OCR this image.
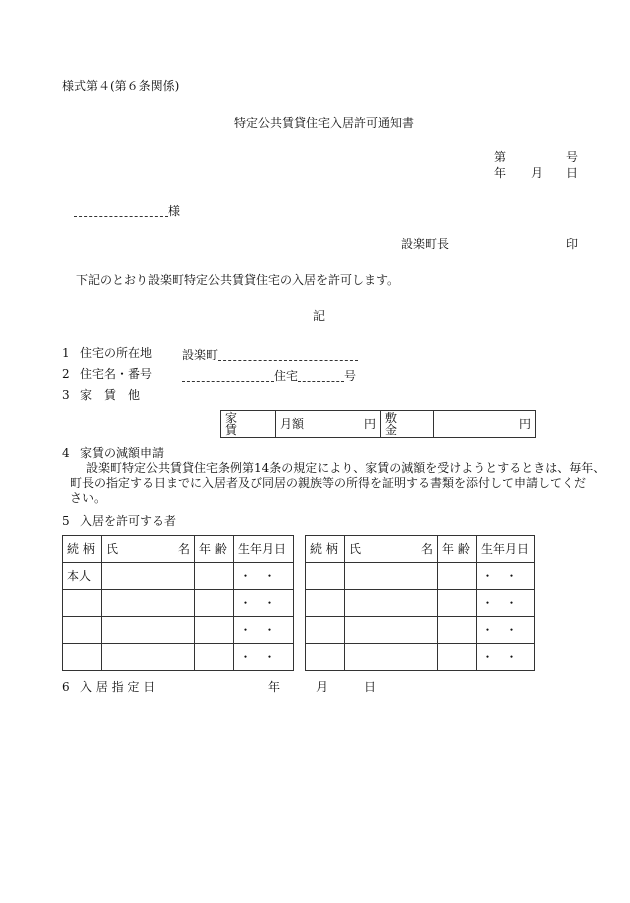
様式第４(第６条関係)
特定公共賃貸住宅入居許可通知書
第	号
年 月 日
様
設楽町長	印
下記のとおり設楽町特定公共賃貸住宅の入居を許可します。
記
1 住宅の所在地 設楽町
2 住宅名・番号	住宅	号
3 家　賃　他
家　　賃	月額	円	敷　　金	円
4 家賃の減額申請
設楽町特定公共賃貸住宅条例第14条の規定により、家賃の減額を受けようとするときは、毎年、
町長の指定する日までに入居者及び同居の親族等の所得を証明する書類を添付して申請してくだ
さい。
5 入居を許可する者
続 柄	氏 名	年 齢	生年月日
本人			・・
			・・
			・・
			・・
続 柄	氏 名	年 齢	生年月日
			・・
			・・
			・・
			・・
6 入 居 指 定 日	年	月	日
